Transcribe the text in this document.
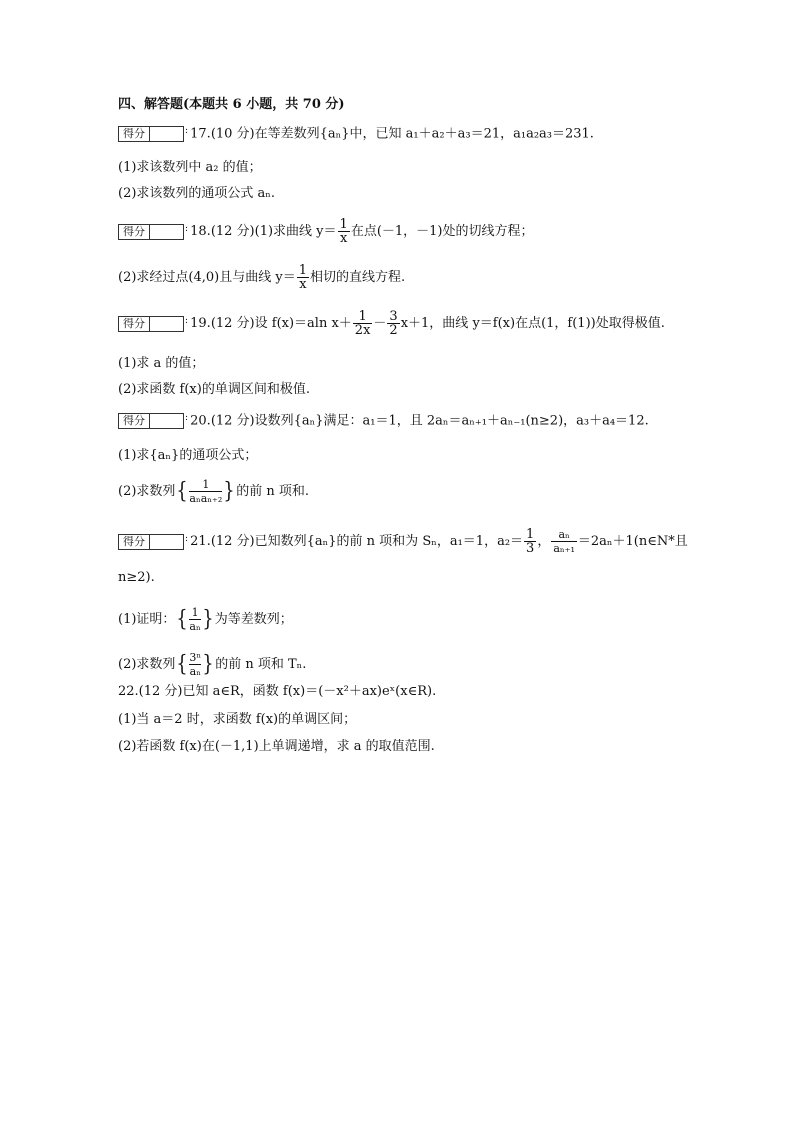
四、解答题(本题共 6 小题，共 70 分)
得分	: 17.(10 分)在等差数列{aₙ}中，已知 a₁＋a₂＋a₃＝21，a₁a₂a₃＝231.
(1)求该数列中 a₂ 的值；
(2)求该数列的通项公式 aₙ.
得分	: 18.(12 分)(1)求曲线 $y= \frac{1}{x}$ 在点(－1，－1)处的切线方程；
(2)求经过点(4,0)且与曲线 $y= \frac{1}{x}$ 相切的直线方程.
得分	: 19.(12 分)设 f(x)＝aln $x+ \frac{1}{2x} - \frac{3}{2} x+1$，曲线 y＝f(x)在点(1，f(1))处取得极值.
(1)求 a 的值；
(2)求函数 f(x)的单调区间和极值.
得分	: 20.(12 分)设数列{aₙ}满足：a₁＝1，且 2aₙ＝aₙ₊₁＋aₙ₋₁(n≥2)，a₃＋a₄＝12.
(1)求{aₙ}的通项公式；
(2)求数列{ $\frac{1}{\text{aₙaₙ₊₂}}$ }的前 n 项和.
得分	: 21.(12 分)已知数列{aₙ}的前 n 项和为 Sₙ，a₁＝1，$a_2= \frac{1}{3}$ ， $\frac{\text{aₙ}}{\text{aₙ₊₁}}$ ＝2aₙ＋1(n∈N*且
n≥2).
(1)证明：{ $\frac{1}{\text{aₙ}}$ }为等差数列；
(2)求数列{ $\frac{\text{3ⁿ}}{\text{aₙ}}$ }的前 n 项和 Tₙ.
22.(12 分)已知 a∈R，函数 f(x)＝(－x²＋ax)eˣ(x∈R).
(1)当 a＝2 时，求函数 f(x)的单调区间；
(2)若函数 f(x)在(－1,1)上单调递增，求 a 的取值范围.
